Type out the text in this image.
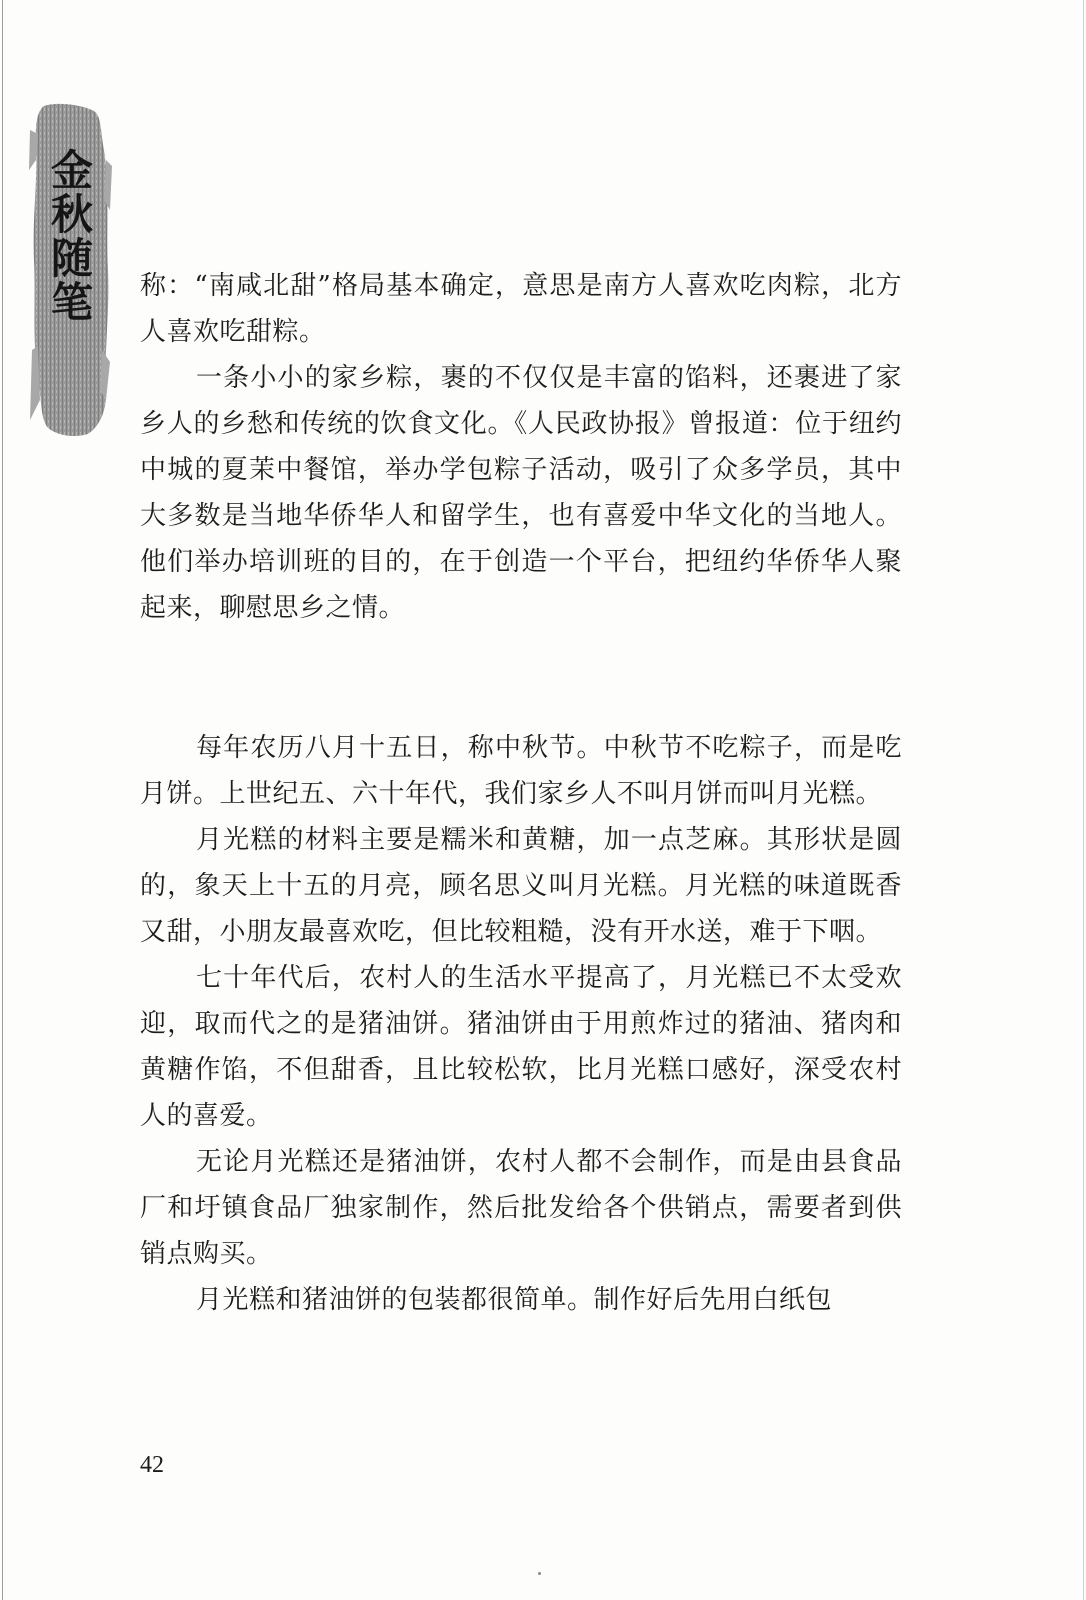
金秋随笔 称：“南咸北甜”格局基本确定，意思是南方人喜欢吃肉粽，北方人喜欢吃甜粽。

一条小小的家乡粽，裹的不仅仅是丰富的馅料，还裹进了家乡人的乡愁和传统的饮食文化。《人民政协报》曾报道：位于纽约中城的夏茉中餐馆，举办学包粽子活动，吸引了众多学员，其中大多数是当地华侨华人和留学生，也有喜爱中华文化的当地人。他们举办培训班的目的，在于创造一个平台，把纽约华侨华人聚起来，聊慰思乡之情。

每年农历八月十五日，称中秋节。中秋节不吃粽子，而是吃月饼。上世纪五、六十年代，我们家乡人不叫月饼而叫月光糕。

月光糕的材料主要是糯米和黄糖，加一点芝麻。其形状是圆的，象天上十五的月亮，顾名思义叫月光糕。月光糕的味道既香又甜，小朋友最喜欢吃，但比较粗糙，没有开水送，难于下咽。

七十年代后，农村人的生活水平提高了，月光糕已不太受欢迎，取而代之的是猪油饼。猪油饼由于用煎炸过的猪油、猪肉和黄糖作馅，不但甜香，且比较松软，比月光糕口感好，深受农村人的喜爱。

无论月光糕还是猪油饼，农村人都不会制作，而是由县食品厂和圩镇食品厂独家制作，然后批发给各个供销点，需要者到供销点购买。

月光糕和猪油饼的包装都很简单。制作好后先用白纸包

42
